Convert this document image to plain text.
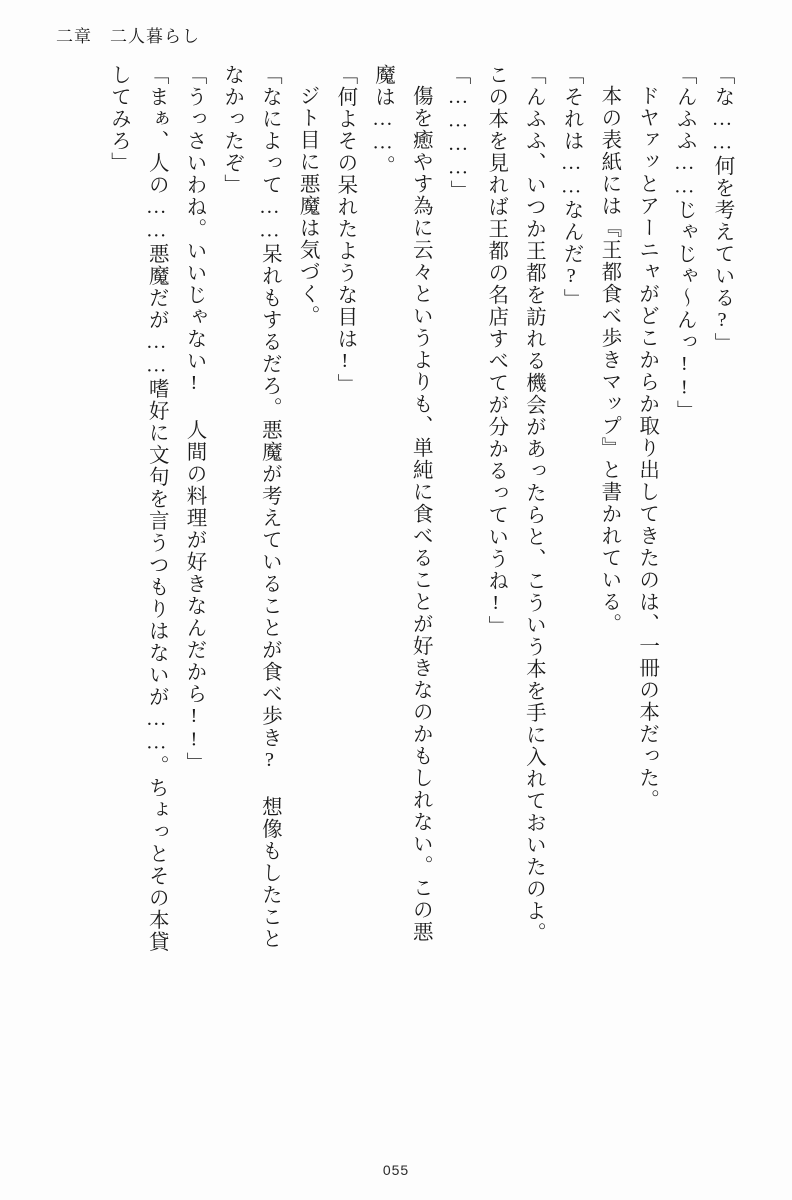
二章 二人暮らし
「な……何を考えている?」
「んふふ……じゃじゃ～んっ!!」
ドヤァッとアーニャがどこからか取り出してきたのは、一冊の本だった。
本の表紙には『王都食べ歩きマップ』と書かれている。
「それは……なんだ?」
「んふふ、いつか王都を訪れる機会があったらと、こういう本を手に入れておいたのよ。
この本を見れば王都の名店すべてが分かるっていうね!」
「…………」
傷を癒やす為に云々というよりも、単純に食べることが好きなのかもしれない。この悪
魔は……。
「何よその呆れたような目は!」
ジト目に悪魔は気づく。
「なによって……呆れもするだろ。悪魔が考えていることが食べ歩き? 想像もしたこと
なかったぞ」
「うっさいわね。いいじゃない! 人間の料理が好きなんだから!!」
「まぁ、人の……悪魔だが……嗜好に文句を言うつもりはないが……。ちょっとその本貸
してみろ」
055
